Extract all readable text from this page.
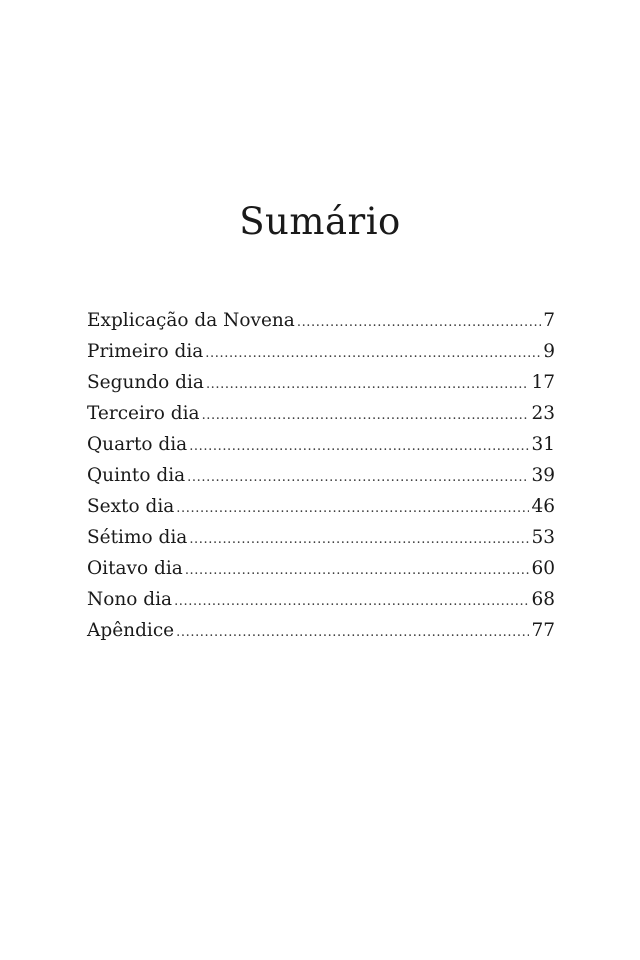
Sumário
Explicação da Novena .....	7
Primeiro dia .....	9
Segundo dia .....	17
Terceiro dia .....	23
Quarto dia .....	31
Quinto dia .....	39
Sexto dia .....	46
Sétimo dia .....	53
Oitavo dia .....	60
Nono dia .....	68
Apêndice .....	77
